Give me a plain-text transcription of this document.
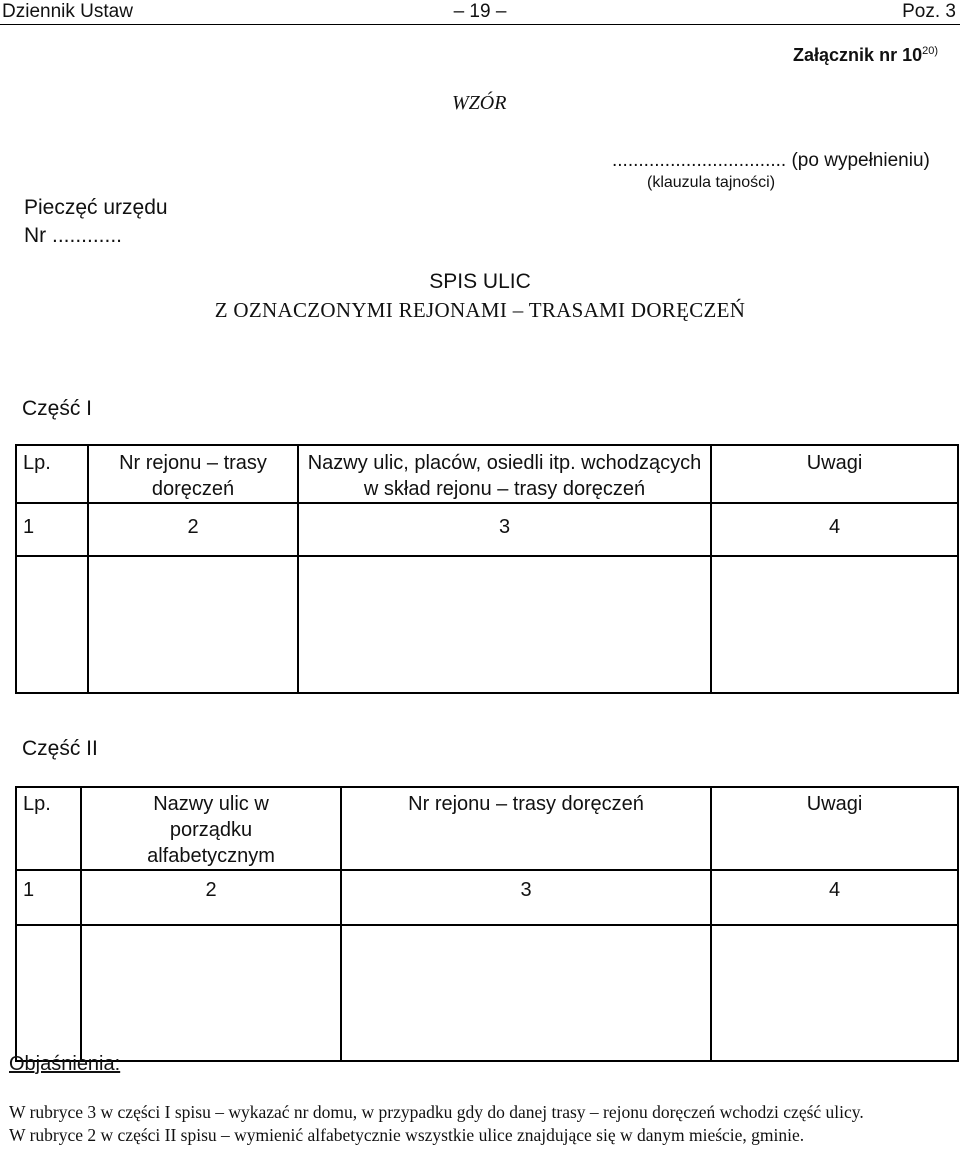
Dziennik Ustaw	– 19 –	Poz. 3
Załącznik nr 10$^{20)}$
WZÓR
................................. (po wypełnieniu)
(klauzula tajności)
Pieczęć urzędu
Nr ............
SPIS ULIC
Z OZNACZONYMI REJONAMI – TRASAMI DORĘCZEŃ
Część I
Lp.	Nr rejonu – trasy doręczeń	Nazwy ulic, placów, osiedli itp. wchodzących w skład rejonu – trasy doręczeń	Uwagi
1	2	3	4

Część II
Lp.	Nazwy ulic w porządku alfabetycznym	Nr rejonu – trasy doręczeń	Uwagi
1	2	3	4

Objaśnienia:

W rubryce 3 w części I spisu – wykazać nr domu, w przypadku gdy do danej trasy – rejonu doręczeń wchodzi część ulicy.

W rubryce 2 w części II spisu – wymienić alfabetycznie wszystkie ulice znajdujące się w danym mieście, gminie.
